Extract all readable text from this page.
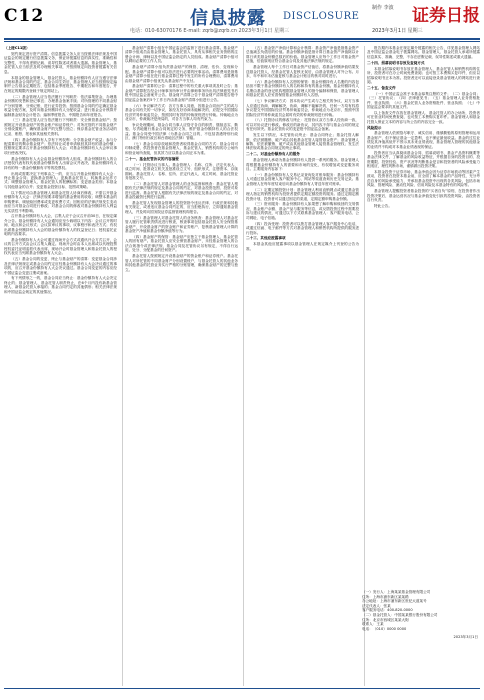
C12
电话：010-63070176 E-mail: zqrb@zqrb.cn 2023年3月1日 星期三
信息披露 DISCLOSURE
制作 李波 证券日报
2023年3月1日 星期三

（上接C11版）

契约规定进行资产清算。信息披露义务人应当按照法律法规及中国证监会的规定履行信息披露义务，保证所披露信息的真实性、准确性和完整性，不得有虚假记载、误导性陈述或者重大遗漏。基金管理人、基金托管人应当依法及时办理相关事项，并按照规定向投资者披露有关信息。

本基金的基金管理人、基金托管人、基金份额持有人应当遵守法律法规和基金合同的约定，基金合同生效后，基金管理人应当按照规定编制并公告基金定期报告，包括基金季度报告、中期报告和年度报告，并在规定的期限内登载于规定网站上。

（二）基金管理人应当依法履行下列职责：依法募集资金，办理基金份额的发售和登记事宜；办理基金备案手续；对所管理的不同基金财产分别管理、分别记账，进行证券投资；按照基金合同的约定确定基金收益分配方案，及时向基金份额持有人分配收益；进行基金会计核算并编制基金财务会计报告；编制季度报告、中期报告和年度报告。

（三）基金托管人应当依法履行下列职责：安全保管基金财产；按照规定开设基金财产的资金账户和证券账户；对所托管的不同基金财产分别设置账户，确保基金财产的完整与独立；保存基金托管业务活动的记录、账册、报表和其他相关资料。

（四）基金份额持有人享有下列权利：分享基金财产收益；参与分配清算后的剩余基金财产；依法转让或者申请赎回其持有的基金份额；按照规定要求召开基金份额持有人大会；对基金份额持有人大会审议事项行使表决权。

基金份额持有人大会由基金份额持有人组成，基金份额持有人的合法授权代表有权代表基金份额持有人出席会议并表决。基金份额持有人持有的每一基金份额拥有平等的投票权。

出现或需要决定下列事由之一的，应当召开基金份额持有人大会：终止基金合同；更换基金管理人；更换基金托管人；转换基金运作方式；调整基金管理人、基金托管人的报酬标准；变更基金类别；本基金与其他基金的合并；变更基金投资目标、范围或策略。

以下情况可由基金管理人和基金托管人协商后修改，不需召开基金份额持有人大会：法律法规要求增加的基金费用的收取；调整本基金的申购费率、调低赎回费率或变更收费方式；因相应的法律法规发生变动而应当对基金合同进行修改；对基金合同的修改对基金份额持有人利益无实质性不利影响。

召开基金份额持有人大会，召集人应于会议召开前30日，在规定媒介公告。基金份额持有人大会通知应至少载明以下内容：会议召开的时间、地点和会议形式；会议拟审议的事项、议事程序和表决方式；有权出席基金份额持有人大会的基金份额持有人的权益登记日；授权委托证明的内容要求。

基金份额持有人大会可通过现场开会方式或通讯开会方式召开，会议的召开方式由会议召集人确定。现场开会时由本人出席或以代理投票授权委托证明委派代表出席，现场开会时基金管理人和基金托管人的授权代表应当列席基金份额持有人大会。

（五）基金合同的变更、终止与基金财产的清算：变更基金合同涉及法律法规规定或基金合同约定应经基金份额持有人大会决议通过的事项的，应召开基金份额持有人大会决议通过。基金合同变更的内容应经中国证监会变更注册或备案。

有下列情形之一的，基金合同应当终止：基金份额持有人大会决定终止的；基金管理人、基金托管人职责终止，在6个月内没有新基金管理人、新基金托管人承接的；基金合同约定的其他情形；相关法律法规和中国证监会规定的其他情况。

基金财产清算小组在中国证监会的监督下进行基金清算。基金财产清算小组成员由基金管理人、基金托管人、具有从事相关业务资格的注册会计师、律师以及中国证监会指定的人员组成。基金财产清算小组可以聘用必要的工作人员。

基金财产清算小组负责基金财产的保管、清理、估价、变现和分配。基金财产清算小组可以依法进行必要的民事活动。清算费用是指基金财产清算小组在进行基金清算过程中发生的所有合理费用，清算费用由基金财产清算小组优先从基金财产中支付。

基金财产清算的公告：清算过程中的有关重大事项须及时公告；基金财产清算报告经会计师事务所审计并由律师事务所出具法律意见书后报中国证监会备案并公告。基金财产清算公告于基金财产清算报告报中国证监会备案后5个工作日内由基金财产清算小组进行公告。

（六）争议解决方式：各方当事人同意，因基金合同而产生的或与基金合同有关的一切争议，如经友好协商未能解决的，应提交中国国际经济贸易仲裁委员会，按照其时有效的仲裁规则进行仲裁。仲裁地点为北京市，仲裁裁决是终局的，对各方当事人均有约束力。

争议处理期间，基金合同当事人应恪守各自的职责，继续忠实、勤勉、尽责地履行基金合同规定的义务，维护基金份额持有人的合法权益。基金合同受中国法律（为基金合同之目的，不包括香港特别行政区、澳门特别行政区和台湾地区法律）管辖。

（七）基金合同存放地和投资者取得基金合同的方式：基金合同可印制成册，供投资者在基金管理人、基金托管人、销售机构的办公场所和营业场所查阅，但其效力应以基金合同正本为准。

二十一、基金托管协议的内容摘要

（一）托管协议当事人。基金管理人：名称、住所、法定代表人、成立时间、批准设立机关及批准设立文号、组织形式、注册资本、存续期间。基金托管人：名称、住所、法定代表人、成立时间、基金托管业务批准文号。

（二）基金托管人对基金管理人的业务监督和核查：基金托管人根据有关法律法规的规定及基金合同的约定，对基金投资范围、投资对象进行监督。基金托管人根据有关法律法规的规定及基金合同的约定，对基金投融资比例进行监督。

基金托管人发现基金管理人的投资指令违反法律、行政法规和其他有关规定，或者违反基金合同约定的，应当拒绝执行，立即通知基金管理人，并及时向国务院证券监督管理机构报告。

（三）基金管理人对基金托管人的业务核查：基金管理人对基金托管人履行托管职责情况进行核查，核查事项包括基金托管人安全保管基金财产、开设基金财产的资金账户和证券账户、复核基金管理人计算的基金资产净值和基金份额净值等行为。

（四）基金财产的保管：基金财产应独立于基金管理人、基金托管人的固有财产。基金托管人应安全保管基金财产，未经基金管理人的合法合规指令或法律法规、基金合同及托管协议另有规定，不得自行运用、处分、分配基金的任何资产。

基金托管人按照规定开设基金财产的资金账户和证券账户。基金托管人对所托管的不同基金财产分别设置账户，与基金托管人的其他业务和其他基金的托管业务实行严格的分账管理，确保基金财产的完整与独立。

（五）基金资产净值计算和会计核算：基金资产净值是指基金资产总值减去负债后的价值。基金份额净值是指计算日基金资产净值除以计算日该类基金份额总数后的价值。基金管理人应每个工作日对基金资产估值，估值原则应符合基金合同及其他法律法规的规定。

基金管理人每个工作日对基金资产估值后，将基金份额净值结果发送基金托管人，经基金托管人复核无误后，由基金管理人对外公布。月末、年中和年末估值复核与基金会计账目的核对同时进行。

（六）基金份额持有人名册的保管：基金份额持有人名册的内容包括但不限于基金份额持有人的名称和持有的基金份额。基金份额持有人名册由基金的登记机构根据基金管理人的指令编制和保管，基金管理人和基金托管人应妥善保管基金份额持有人名册。

（七）争议解决方式：因本协议产生或与之相关的争议，双方当事人应通过协商、调解解决，协商、调解不能解决的，任何一方均有权将争议提交中国国际经济贸易仲裁委员会，仲裁地点为北京市，按照中国国际经济贸易仲裁委员会届时有效的仲裁规则进行仲裁。

（八）托管协议的修改与终止：托管协议双方当事人经协商一致，可以对协议进行修改。修改后的新协议，其内容不得与基金合同的规定有任何冲突。基金托管协议的变更报中国证监会备案。

发生以下情况，本托管协议终止：基金合同终止；基金托管人解散、依法被撤销、破产或由其他基金托管人接管基金资产；基金管理人解散、依法被撤销、破产或由其他基金管理人接管基金管理权；发生法律法规或基金合同规定的终止事项。

二十二、对基金份额持有人的服务

基金管理人承诺为基金份额持有人提供一系列的服务。基金管理人将根据基金份额持有人的需要和市场的变化，有权增加或变更服务项目。主要服务内容如下：

（一）基金份额持有人交易记录查询及对账单服务：基金份额持有人可通过基金管理人客户服务中心、网站等渠道查询历史交易记录。基金管理人在每年度结束后向基金份额持有人寄送年度对账单。

（二）定期定额投资计划：基金管理人利用直销网点或通过基金管理人指定的销售机构为投资者提供定期定额投资的服务。通过定期定额投资计划，投资者可以通过固定的渠道，定期定额申购基金份额。

（三）资讯服务：基金份额持有人如果想了解申购和赎回的交易情况、基金账户余额、基金产品与服务等信息，或反馈投资过程中需要投诉与建议的情况，可通过以下方式联系基金管理人：客户服务电话、公司网址、电子信箱。

（四）投诉受理：投资者可以拨打基金管理人客户服务中心电话，或通过信函、电子邮件等方式对基金管理人和销售机构所提供的服务进行投诉。

二十三、其他应披露事项

本基金其他应披露事项以基金管理人在规定媒介上刊登的公告为准。

报告期内本基金在规定媒介披露的相关公告，详见基金管理人网站及中国证监会基金电子披露网站。基金管理人、基金托管人承诺所披露信息真实、准确、完整，不存在虚假记载、误导性陈述或重大遗漏。

二十四、招募说明书存放及查阅方式

本基金招募说明书存放在基金管理人、基金托管人和销售机构的住所，投资者可在办公时间免费查阅；也可按工本费购买复印件，但应以招募说明书正本为准。投资者还可以直接登录基金管理人的网站进行查阅。

二十五、备查文件

（一）中国证监会准予本基金募集注册的文件；（二）基金合同；（三）托管协议；（四）法律意见书；（五）基金管理人业务资格批件、营业执照；（六）基金托管人业务资格批件、营业执照；（七）中国证监会要求的其他文件。

以上备查文件存放在基金管理人、基金托管人的办公场所，投资者可在营业时间免费查阅，也可按工本费购买复印件。基金管理人和基金托管人保证文本的内容与所公告的内容完全一致。

风险提示

基金管理人依照恪尽职守、诚实信用、谨慎勤勉的原则管理和运用基金财产，但不保证基金一定盈利，也不保证最低收益。基金的过往业绩及其净值高低并不预示其未来业绩表现，基金管理人管理的其他基金的业绩并不构成对本基金业绩表现的保证。

投资者应当认真阅读基金合同、招募说明书、基金产品资料概要等基金法律文件，了解基金的风险收益特征，并根据自身的投资目的、投资期限、投资经验、资产状况等判断基金是否和投资者的风险承受能力相适应，理性判断市场，谨慎做出投资决策。

本基金投资于证券市场，基金净值会因为证券市场波动等因素产生波动，投资者在投资本基金前，应全面了解本基金的产品特性，充分考虑自身的风险承受能力，并承担基金投资中出现的各类风险，包括市场风险、管理风险、流动性风险、信用风险及本基金特有的风险等。

基金管理人提醒投资者基金投资的“买者自负”原则，在投资者作出投资决策后，基金运营状况与基金净值变化引致的投资风险，由投资者自行负责。

特此公告。

（一）发行人：上海某某基金管理有限公司
住所：上海市浦东新区某某路
办公地址：上海市浦东新区世纪大道某号
法定代表人：张某
客户服务电话：400-820-0000
（二）基金托管人：中国某某银行股份有限公司
住所：北京市西城区某某大街
联系人：王某
电话：（010）0000 0000
2023年3月1日
